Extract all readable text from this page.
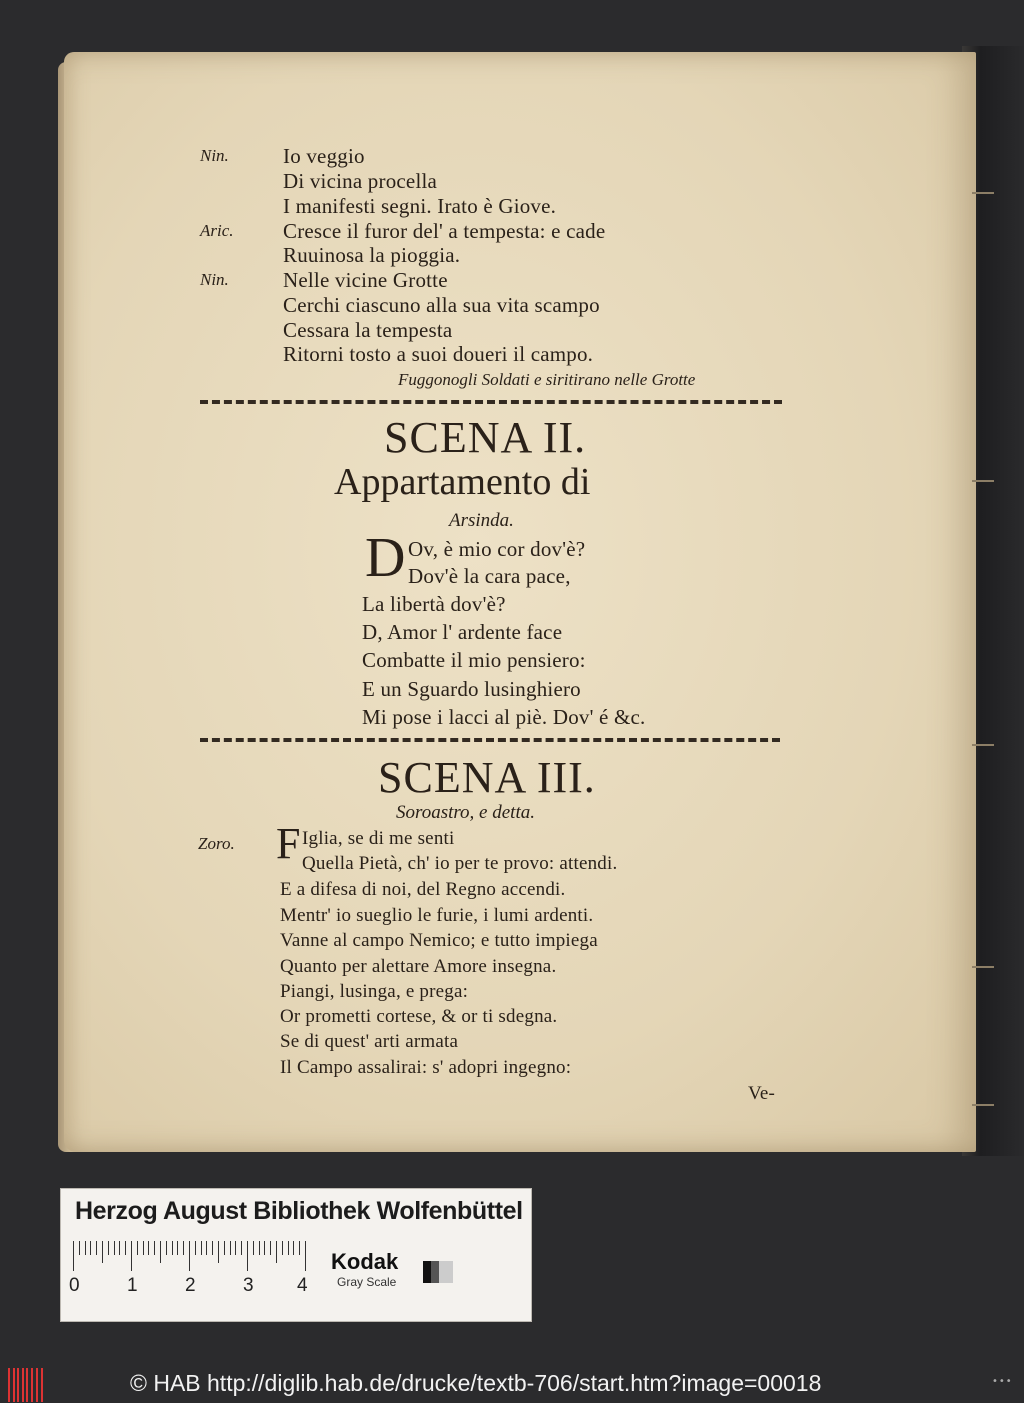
Nin.	Io veggio
Di vicina procella
I manifesti segni. Irato è Giove.
Aric. Cresce il furor del' a tempesta: e cade
Ruuinosa la pioggia.
Nin.	Nelle vicine Grotte
Cerchi ciascuno alla sua vita scampo
Cessara la tempesta
Ritorni tosto a suoi doueri il campo.
Fuggonogli Soldati e siritirano nelle Grotte
SCENA II.
Appartamento di
Arsinda.
D Ov, è mio cor dov'è?
Dov'è la cara pace,
La libertà dov'è?
D, Amor l' ardente face
Combatte il mio pensiero:
E un Sguardo lusinghiero
Mi pose i lacci al piè. Dov' é &c.
SCENA III.
Soroastro, e detta.
Zoro. F Iglia, se di me senti
Quella Pietà, ch' io per te provo: attendi.
E a difesa di noi, del Regno accendi.
Mentr' io sueglio le furie, i lumi ardenti.
Vanne al campo Nemico; e tutto impiega
Quanto per alettare Amore insegna.
Piangi, lusinga, e prega:
Or prometti cortese, & or ti sdegna.
Se di quest' arti armata
Il Campo assalirai: s' adopri ingegno:
Ve-
Herzog August Bibliothek Wolfenbüttel
0 1 2 3 4
Kodak
Gray Scale
© HAB http://diglib.hab.de/drucke/textb-706/start.htm?image=00018	•••
